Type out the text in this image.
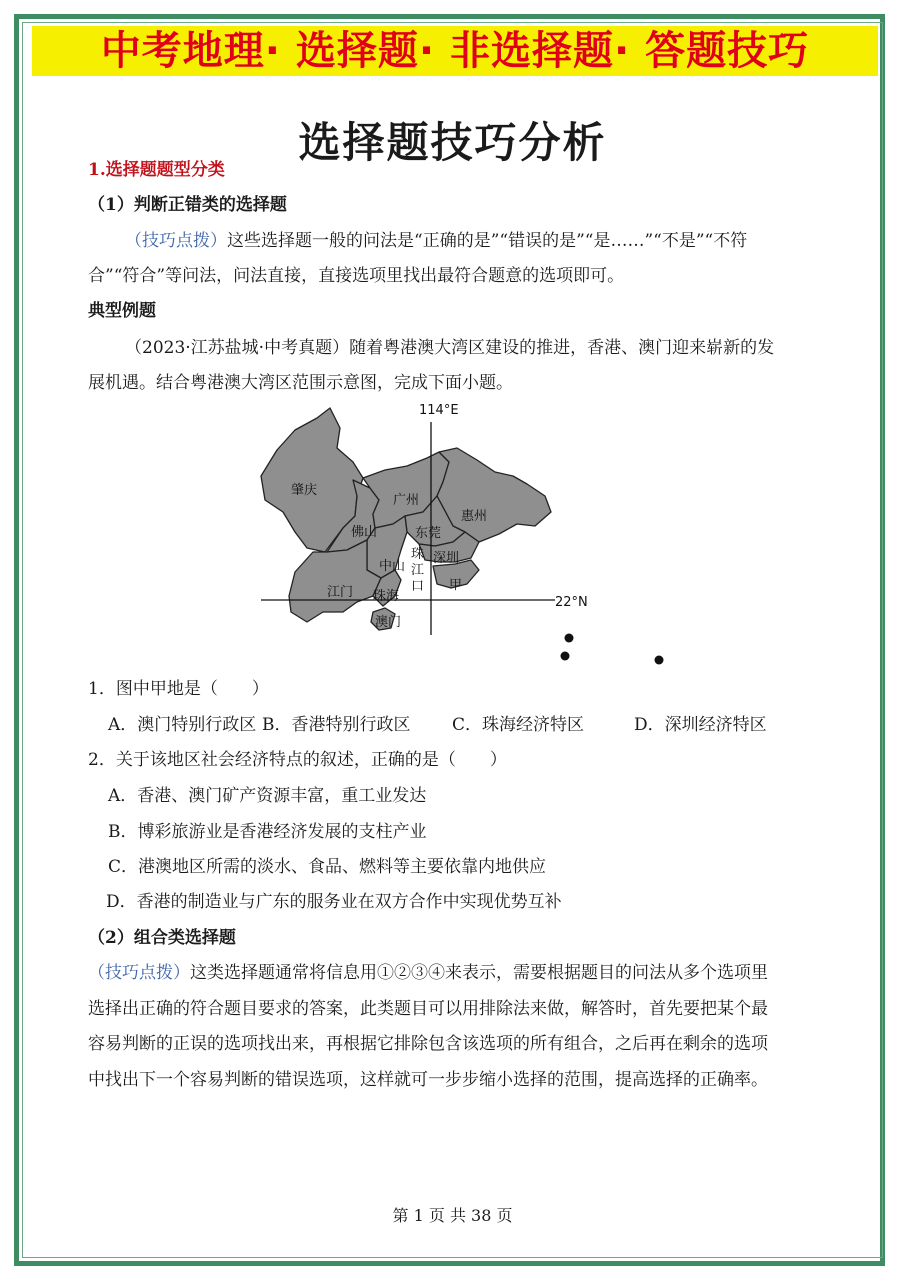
中考地理· 选择题· 非选择题· 答题技巧
选择题技巧分析
1.选择题题型分类
（1）判断正错类的选择题
（技巧点拨）这些选择题一般的问法是“正确的是”“错误的是”“是……”“不是”“不符
合”“符合”等问法，问法直接，直接选项里找出最符合题意的选项即可。
典型例题
（2023·江苏盐城·中考真题）随着粤港澳大湾区建设的推进，香港、澳门迎来崭新的发
展机遇。结合粤港澳大湾区范围示意图，完成下面小题。
114°E
22°N
肇庆
广州
惠州
佛山	东莞
中山
深圳
江门 珠海
澳门
甲
珠
江
口
1．图中甲地是（　　）
A．澳门特别行政区 B．香港特别行政区 C．珠海经济特区	D．深圳经济特区
2．关于该地区社会经济特点的叙述，正确的是（　　）
A．香港、澳门矿产资源丰富，重工业发达
B．博彩旅游业是香港经济发展的支柱产业
C．港澳地区所需的淡水、食品、燃料等主要依靠内地供应
D．香港的制造业与广东的服务业在双方合作中实现优势互补
（2）组合类选择题
（技巧点拨）这类选择题通常将信息用①②③④来表示，需要根据题目的问法从多个选项里
选择出正确的符合题目要求的答案，此类题目可以用排除法来做，解答时，首先要把某个最
容易判断的正误的选项找出来，再根据它排除包含该选项的所有组合，之后再在剩余的选项
中找出下一个容易判断的错误选项，这样就可一步步缩小选择的范围，提高选择的正确率。
第 1 页 共 38 页
